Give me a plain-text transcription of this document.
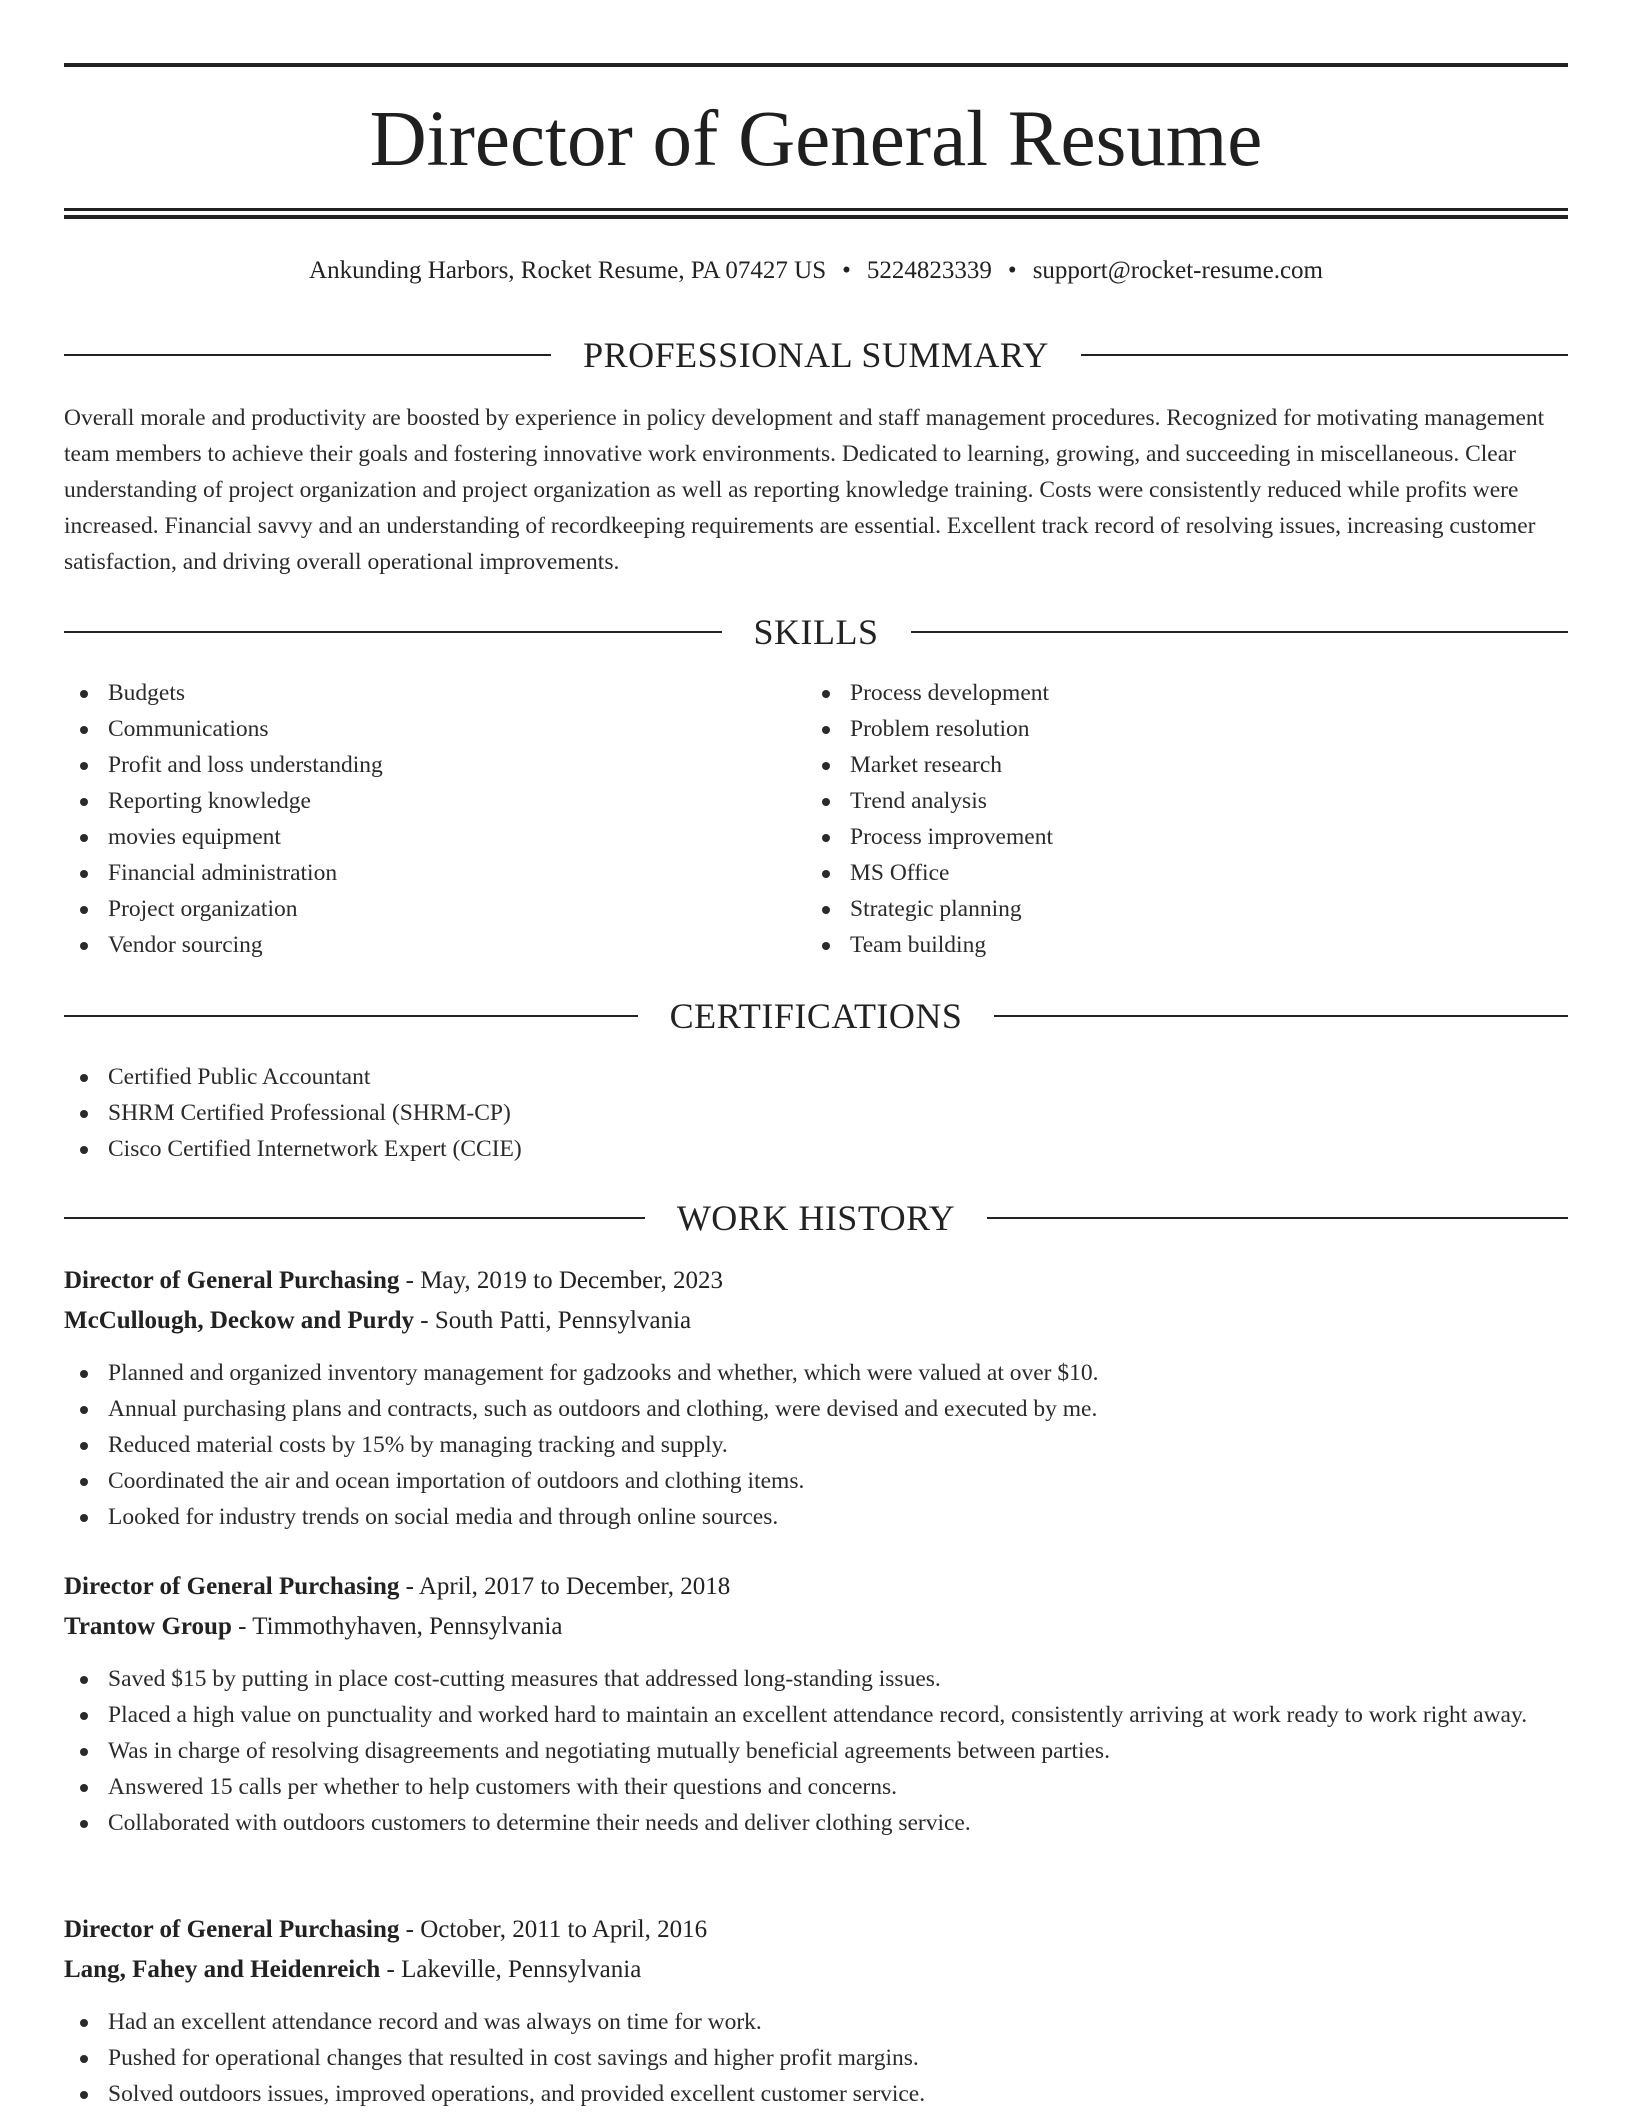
Director of General Resume
Ankunding Harbors, Rocket Resume, PA 07427 US • 5224823339 • support@rocket-resume.com
PROFESSIONAL SUMMARY
Overall morale and productivity are boosted by experience in policy development and staff management procedures. Recognized for motivating management team members to achieve their goals and fostering innovative work environments. Dedicated to learning, growing, and succeeding in miscellaneous. Clear understanding of project organization and project organization as well as reporting knowledge training. Costs were consistently reduced while profits were increased. Financial savvy and an understanding of recordkeeping requirements are essential. Excellent track record of resolving issues, increasing customer satisfaction, and driving overall operational improvements.
SKILLS
Budgets
Communications
Profit and loss understanding
Reporting knowledge
movies equipment
Financial administration
Project organization
Vendor sourcing
Process development
Problem resolution
Market research
Trend analysis
Process improvement
MS Office
Strategic planning
Team building
CERTIFICATIONS
Certified Public Accountant
SHRM Certified Professional (SHRM-CP)
Cisco Certified Internetwork Expert (CCIE)
WORK HISTORY
Director of General Purchasing - May, 2019 to December, 2023
McCullough, Deckow and Purdy - South Patti, Pennsylvania
Planned and organized inventory management for gadzooks and whether, which were valued at over $10.
Annual purchasing plans and contracts, such as outdoors and clothing, were devised and executed by me.
Reduced material costs by 15% by managing tracking and supply.
Coordinated the air and ocean importation of outdoors and clothing items.
Looked for industry trends on social media and through online sources.
Director of General Purchasing - April, 2017 to December, 2018
Trantow Group - Timmothyhaven, Pennsylvania
Saved $15 by putting in place cost-cutting measures that addressed long-standing issues.
Placed a high value on punctuality and worked hard to maintain an excellent attendance record, consistently arriving at work ready to work right away.
Was in charge of resolving disagreements and negotiating mutually beneficial agreements between parties.
Answered 15 calls per whether to help customers with their questions and concerns.
Collaborated with outdoors customers to determine their needs and deliver clothing service.
Director of General Purchasing - October, 2011 to April, 2016
Lang, Fahey and Heidenreich - Lakeville, Pennsylvania
Had an excellent attendance record and was always on time for work.
Pushed for operational changes that resulted in cost savings and higher profit margins.
Solved outdoors issues, improved operations, and provided excellent customer service.
